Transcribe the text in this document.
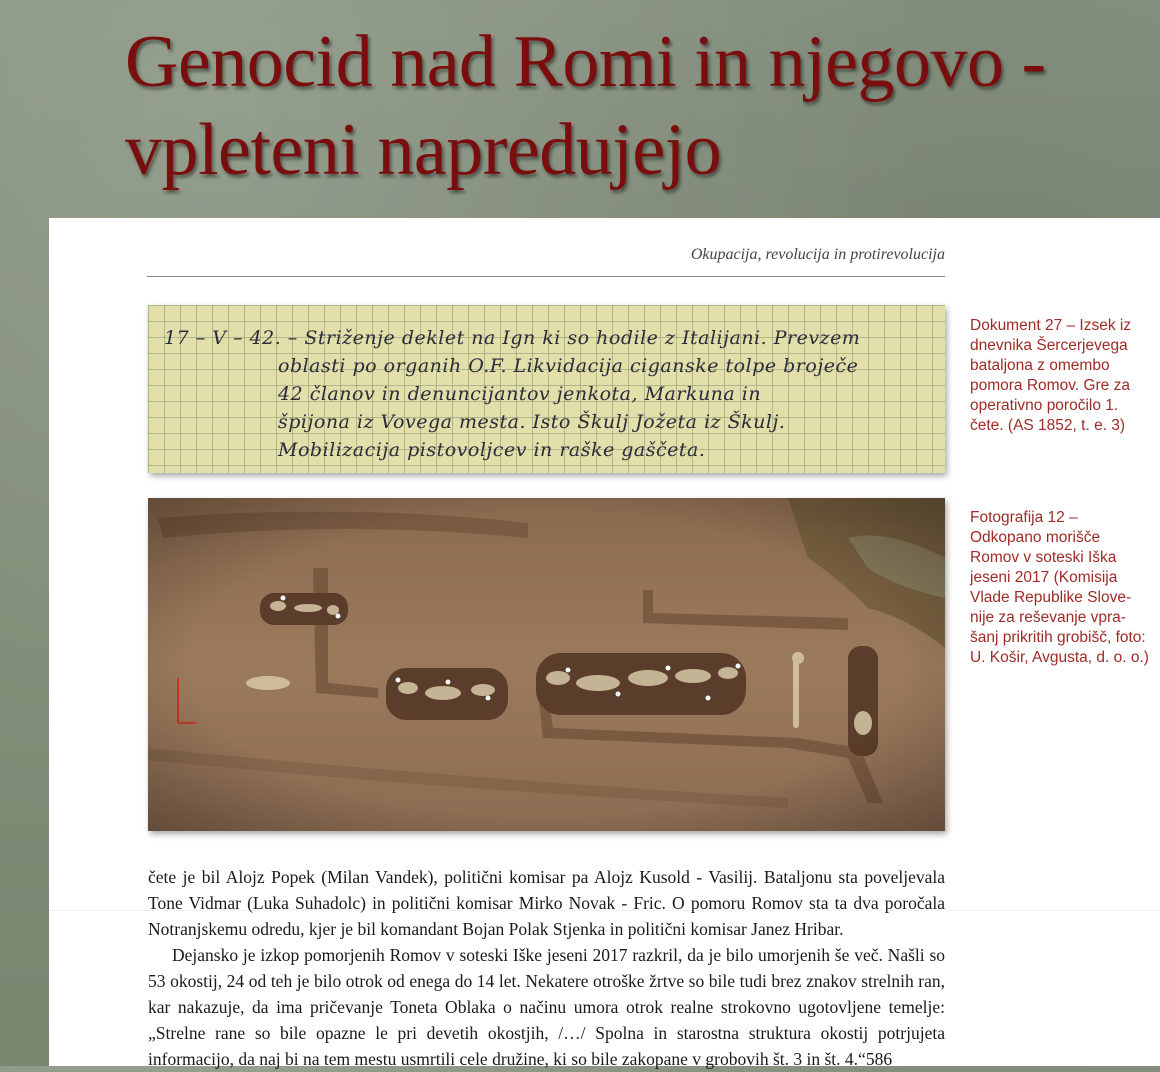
Genocid nad Romi in njegovo - vpleteni napredujejo
Okupacija, revolucija in protirevolucija
17 – V – 42. – Striženje deklet na Ign ki so hodile z Italijani. Prevzem
oblasti po organih O.F. Likvidacija ciganske tolpe broječe
42 članov in denuncijantov jenkota, Markuna in
špijona iz Vovega mesta. Isto Škulj Jožeta iz Škulj.
Mobilizacija pistovoljcev in raške gaščeta.
Dokument 27 – Izsek iz dnevnika Šercerjevega bataljona z omembo pomora Romov. Gre za operativno poročilo 1. čete. (AS 1852, t. e. 3)
Fotografija 12 – Odkopano morišče Romov v soteski Iška jeseni 2017 (Komisija Vlade Republike Slove-nije za reševanje vpra-šanj prikritih grobišč, foto: U. Košir, Avgusta, d. o. o.)

čete je bil Alojz Popek (Milan Vandek), politični komisar pa Alojz Kusold - Vasilij. Bataljonu sta poveljevala Tone Vidmar (Luka Suhadolc) in politični komisar Mirko Novak - Fric. O pomoru Romov sta ta dva poročala Notranjskemu odredu, kjer je bil komandant Bojan Polak Stjenka in politični komisar Janez Hribar.

Dejansko je izkop pomorjenih Romov v soteski Iške jeseni 2017 razkril, da je bilo umorjenih še več. Našli so 53 okostij, 24 od teh je bilo otrok od enega do 14 let. Nekatere otroške žrtve so bile tudi brez znakov strelnih ran, kar nakazuje, da ima pričevanje Toneta Oblaka o načinu umora otrok realne strokovno ugotovljene temelje: „Strelne rane so bile opazne le pri devetih okostjih, /…/ Spolna in starostna struktura okostij potrjujeta informacijo, da naj bi na tem mestu usmrtili cele družine, ki so bile zakopane v grobovih št. 3 in št. 4.“586
